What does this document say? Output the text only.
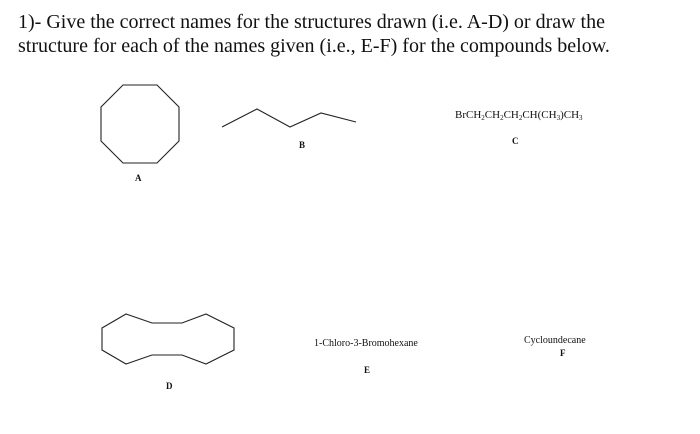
1)- Give the correct names for the structures drawn (i.e. A-D) or draw the
structure for each of the names given (i.e., E-F) for the compounds below.
A
B
$BrCH_2CH_2CH_2CH(CH_3)CH_3$
C
D
1-Chloro-3-Bromohexane
E
Cycloundecane
F
